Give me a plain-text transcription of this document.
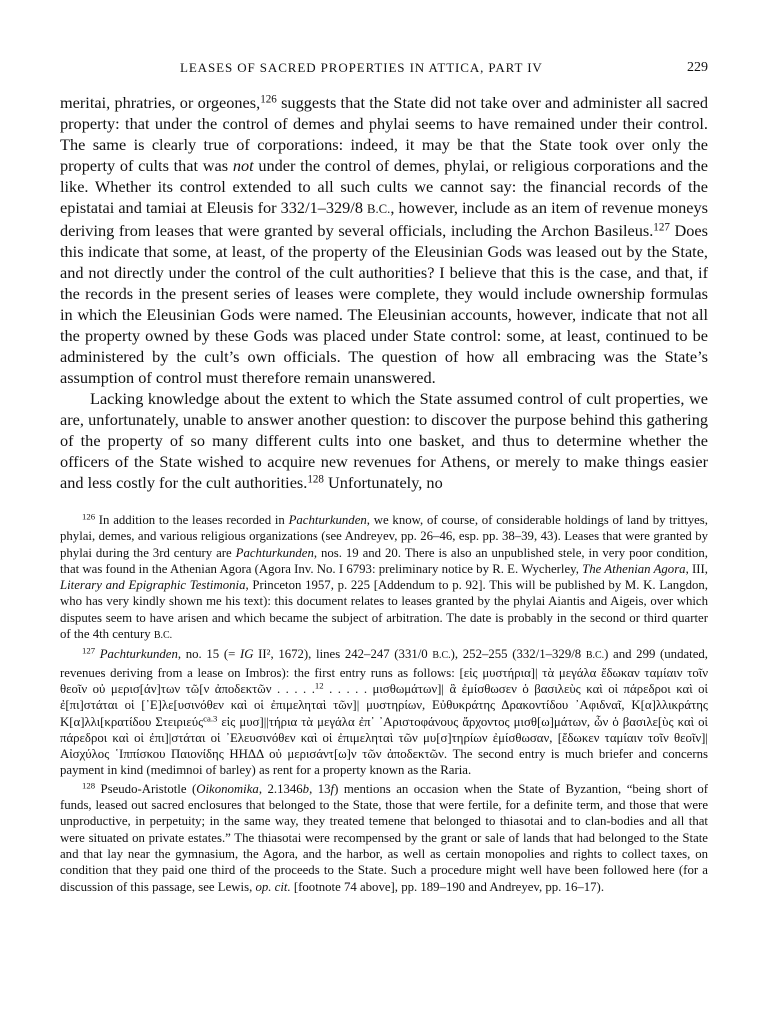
LEASES OF SACRED PROPERTIES IN ATTICA, PART IV	229

meritai, phratries, or orgeones,$^{126}$ suggests that the State did not take over and administer all sacred property: that under the control of demes and phylai seems to have remained under their control. The same is clearly true of corporations: indeed, it may be that the State took over only the property of cults that was not under the control of demes, phylai, or religious corporations and the like. Whether its control extended to all such cults we cannot say: the financial records of the epistatai and tamiai at Eleusis for 332/1–329/8 B.C., however, include as an item of revenue moneys deriving from leases that were granted by several officials, including the Archon Basileus.$^{127}$ Does this indicate that some, at least, of the property of the Eleusinian Gods was leased out by the State, and not directly under the control of the cult authorities? I believe that this is the case, and that, if the records in the present series of leases were complete, they would include ownership formulas in which the Eleusinian Gods were named. The Eleusinian accounts, however, indicate that not all the property owned by these Gods was placed under State control: some, at least, continued to be administered by the cult’s own officials. The question of how all embracing was the State’s assumption of control must therefore remain unanswered.

Lacking knowledge about the extent to which the State assumed control of cult properties, we are, unfortunately, unable to answer another question: to discover the purpose behind this gathering of the property of so many different cults into one basket, and thus to determine whether the officers of the State wished to acquire new revenues for Athens, or merely to make things easier and less costly for the cult authorities.$^{128}$ Unfortunately, no

$^{126}$ In addition to the leases recorded in Pachturkunden, we know, of course, of considerable holdings of land by trittyes, phylai, demes, and various religious organizations (see Andreyev, pp. 26–46, esp. pp. 38–39, 43). Leases that were granted by phylai during the 3rd century are Pachturkunden, nos. 19 and 20. There is also an unpublished stele, in very poor condition, that was found in the Athenian Agora (Agora Inv. No. I 6793: preliminary notice by R. E. Wycherley, The Athenian Agora, III, Literary and Epigraphic Testimonia, Princeton 1957, p. 225 [Addendum to p. 92]. This will be published by M. K. Langdon, who has very kindly shown me his text): this document relates to leases granted by the phylai Aiantis and Aigeis, over which disputes seem to have arisen and which became the subject of arbitration. The date is probably in the second or third quarter of the 4th century B.C.

$^{127}$ Pachturkunden, no. 15 (= IG II², 1672), lines 242–247 (331/0 B.C.), 252–255 (332/1–329/8 B.C.) and 299 (undated, revenues deriving from a lease on Imbros): the first entry runs as follows: [εἰς μυστήρια]| τὰ μεγάλα ἔδωκαν ταμίαιν τοῖν θεοῖν οὐ μερισ[άν]των τῶ[ν ἀποδεκτῶν . . . . .$^{12}$ . . . . . μισθωμάτων]| ἃ ἐμίσθωσεν ὁ βασιλεὺς καὶ οἱ πάρεδροι καὶ οἱ ἐ[πι]στάται οἱ [᾿Ε]λε[υσινόθεν καὶ οἱ ἐπιμεληταὶ τῶν]| μυστηρίων, Εὐθυκράτης Δρακοντίδου ᾿Αφιδναῖ, Κ[α]λλικράτης Κ[α]λλι[κρατίδου Στειριεύς$^{ca.3}$ εἰς μυσ]||τήρια τὰ μεγάλα ἐπ᾿ ᾿Αριστοφάνους ἄρχοντος μισθ[ω]μάτων, ὧν ὁ βασιλε[ὺς καὶ οἱ πάρεδροι καὶ οἱ ἐπι]|στάται οἱ ᾿Ελευσινόθεν καὶ οἱ ἐπιμεληταὶ τῶν μυ[σ]τηρίων ἐμίσθωσαν, [ἔδωκεν ταμίαιν τοῖν θεοῖν]| Αἰσχύλος ῾Ιππίσκου Παιονίδης ΗΗΔΔ οὐ μερισάντ[ω]ν τῶν ἀποδεκτῶν. The second entry is much briefer and concerns payment in kind (medimnoi of barley) as rent for a property known as the Raria.

$^{128}$ Pseudo-Aristotle (Oikonomika, 2.1346b, 13f) mentions an occasion when the State of Byzantion, “being short of funds, leased out sacred enclosures that belonged to the State, those that were fertile, for a definite term, and those that were unproductive, in perpetuity; in the same way, they treated temene that belonged to thiasotai and to clan-bodies and all that were situated on private estates.” The thiasotai were recompensed by the grant or sale of lands that had belonged to the State and that lay near the gymnasium, the Agora, and the harbor, as well as certain monopolies and rights to collect taxes, on condition that they paid one third of the proceeds to the State. Such a procedure might well have been followed here (for a discussion of this passage, see Lewis, op. cit. [footnote 74 above], pp. 189–190 and Andreyev, pp. 16–17).
